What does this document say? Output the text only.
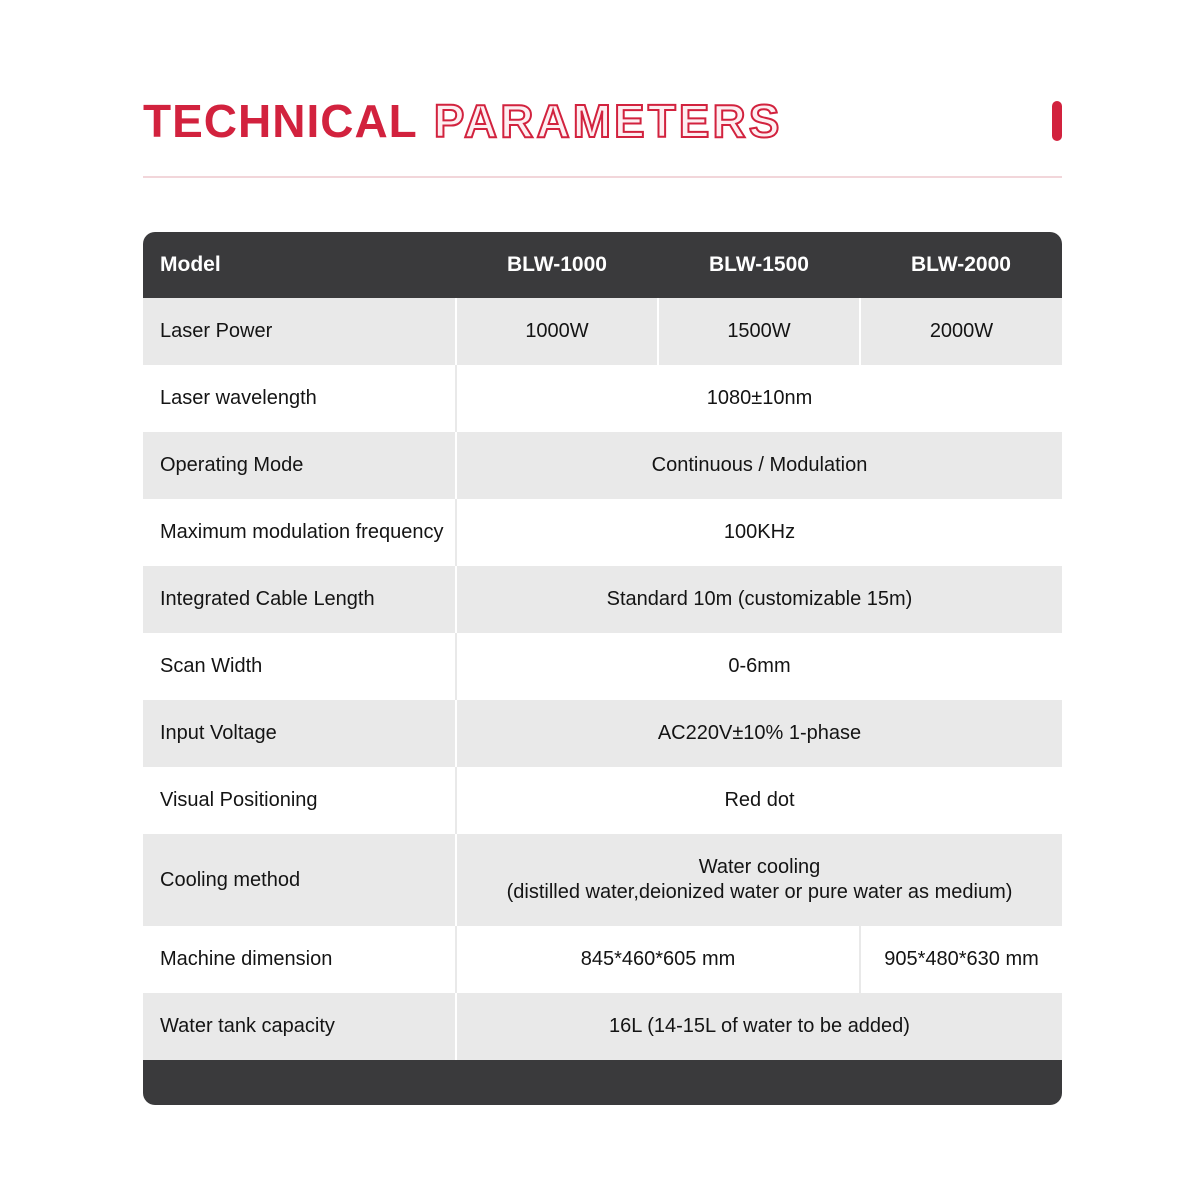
TECHNICAL PARAMETERS
Model	BLW-1000	BLW-1500	BLW-2000
Laser Power	1000W	1500W	2000W
Laser wavelength	1080±10nm		
Operating Mode	Continuous / Modulation		
Maximum modulation frequency	100KHz		
Integrated Cable Length	Standard 10m (customizable 15m)		
Scan Width	0-6mm		
Input Voltage	AC220V±10% 1-phase		
Visual Positioning	Red dot		
Cooling method	Water cooling
(distilled water,deionized water or pure water as medium)		

Machine dimension	845*460*605 mm		905*480*630 mm
Water tank capacity	16L (14-15L of water to be added)		
